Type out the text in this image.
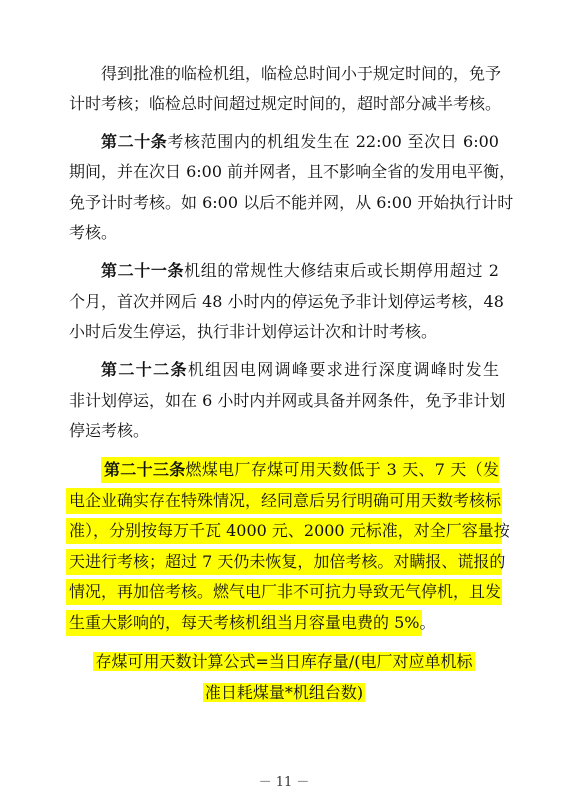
得到批准的临检机组，临检总时间小于规定时间的，免予
计时考核；临检总时间超过规定时间的，超时部分减半考核。
第二十条考核范围内的机组发生在 22:00 至次日 6:00
期间，并在次日 6:00 前并网者，且不影响全省的发用电平衡，
免予计时考核。如 6:00 以后不能并网，从 6:00 开始执行计时
考核。
第二十一条机组的常规性大修结束后或长期停用超过 2
个月，首次并网后 48 小时内的停运免予非计划停运考核，48
小时后发生停运，执行非计划停运计次和计时考核。
第二十二条机组因电网调峰要求进行深度调峰时发生
非计划停运，如在 6 小时内并网或具备并网条件，免予非计划
停运考核。
第二十三条燃煤电厂存煤可用天数低于 3 天、7 天（发
电企业确实存在特殊情况，经同意后另行明确可用天数考核标
准），分别按每万千瓦 4000 元、2000 元标准，对全厂容量按
天进行考核；超过 7 天仍未恢复，加倍考核。对瞒报、谎报的
情况，再加倍考核。燃气电厂非不可抗力导致无气停机，且发
生重大影响的，每天考核机组当月容量电费的 5%。
存煤可用天数计算公式=当日库存量/(电厂对应单机标
准日耗煤量*机组台数)
－ 11 －
